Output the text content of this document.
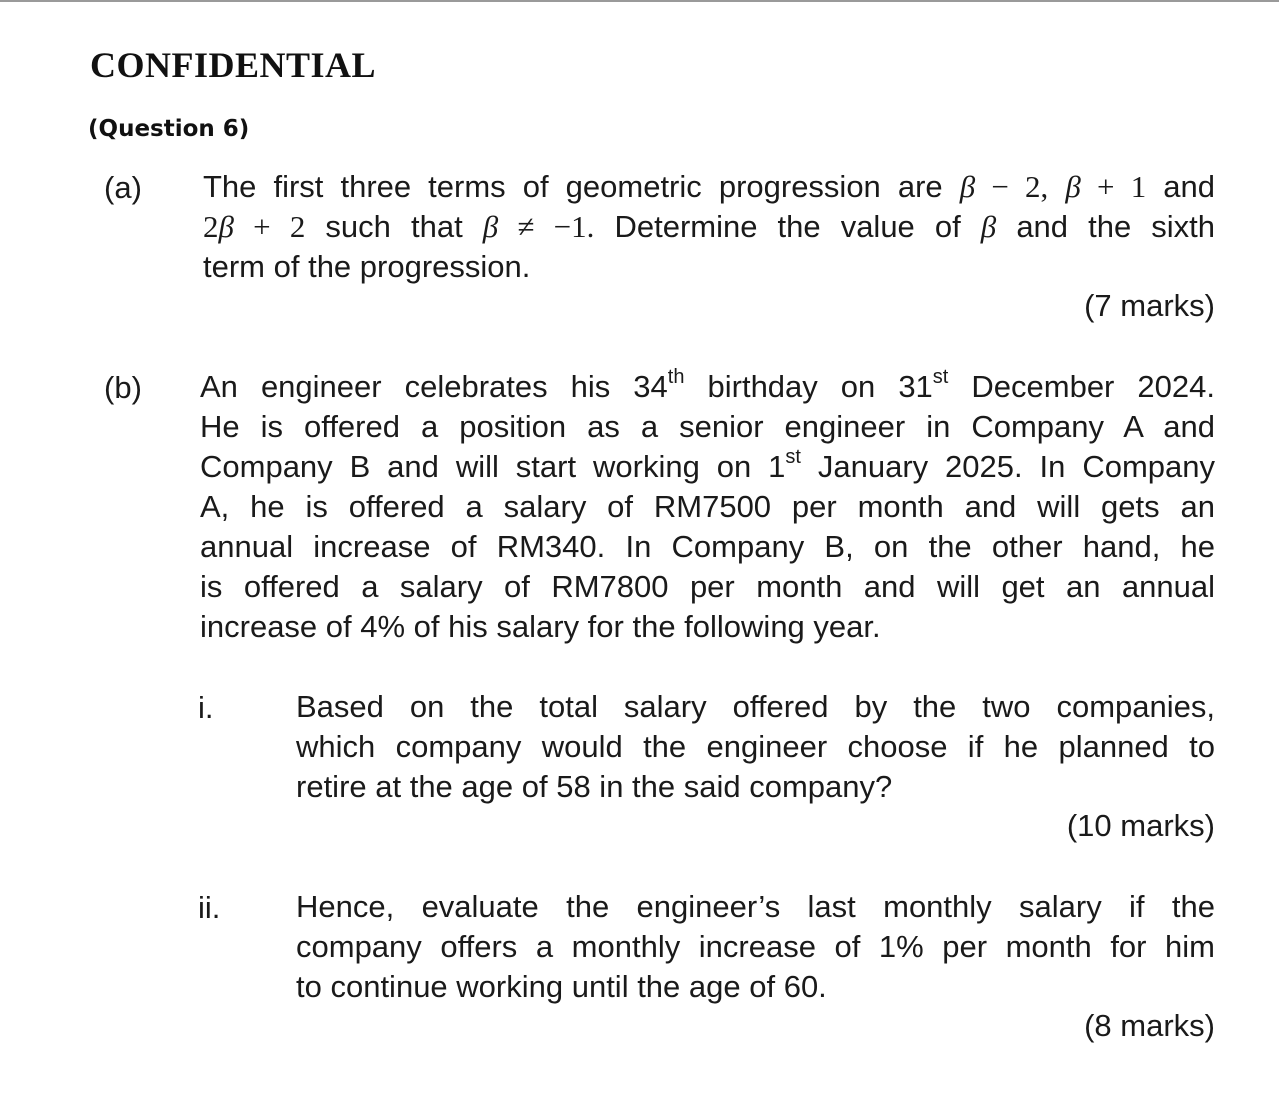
CONFIDENTIAL
(Question 6)
(a) The first three terms of geometric progression are β − 2, β + 1 and
2β + 2 such that β ≠ −1. Determine the value of β and the sixth
term of the progression.
(7 marks)
(b) An engineer celebrates his 34th birthday on 31st December 2024.
He is offered a position as a senior engineer in Company A and
Company B and will start working on 1st January 2025. In Company
A, he is offered a salary of RM7500 per month and will gets an
annual increase of RM340. In Company B, on the other hand, he
is offered a salary of RM7800 per month and will get an annual
increase of 4% of his salary for the following year.
i.	Based on the total salary offered by the two companies,
which company would the engineer choose if he planned to
retire at the age of 58 in the said company?
(10 marks)
ii. Hence, evaluate the engineer’s last monthly salary if the
company offers a monthly increase of 1% per month for him
to continue working until the age of 60.
(8 marks)
